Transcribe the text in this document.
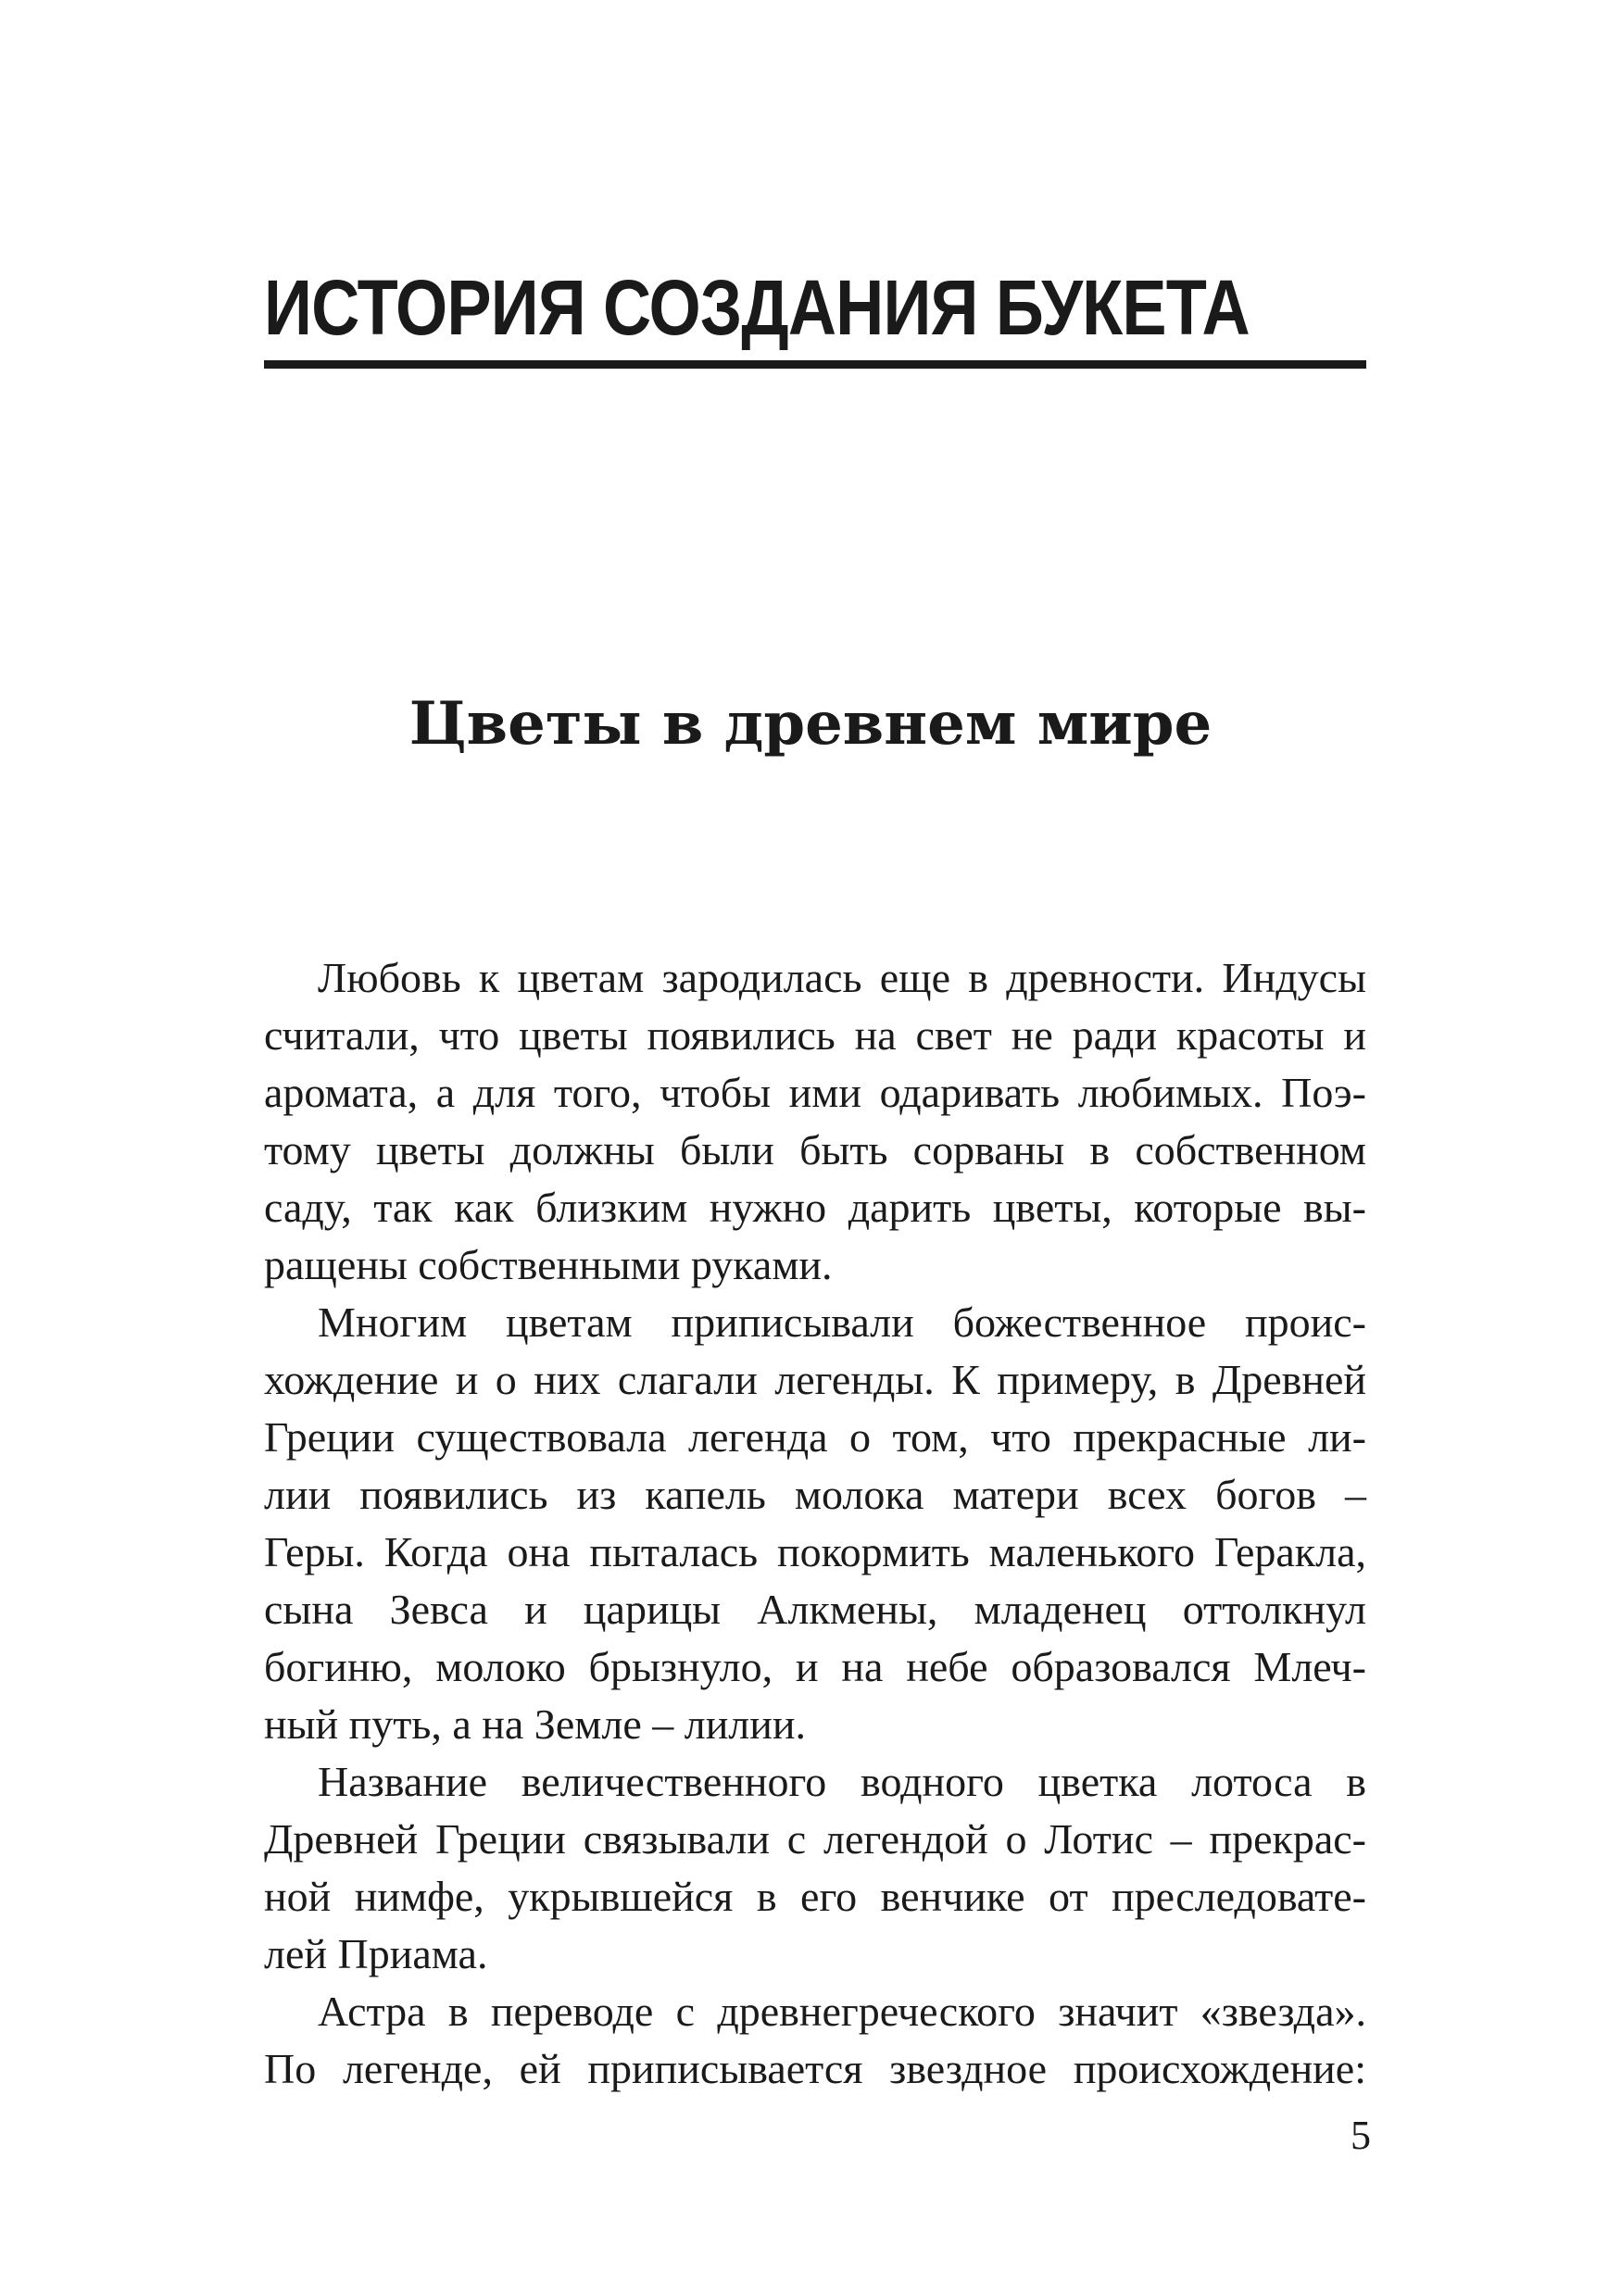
ИСТОРИЯ СОЗДАНИЯ БУКЕТА
Цветы в древнем мире
Любовь к цветам зародилась еще в древности. Индусы
считали, что цветы появились на свет не ради красоты и
аромата, а для того, чтобы ими одаривать любимых. Поэ-
тому цветы должны были быть сорваны в собственном
саду, так как близким нужно дарить цветы, которые вы-
ращены собственными руками.
Многим цветам приписывали божественное проис-
хождение и о них слагали легенды. К примеру, в Древней
Греции существовала легенда о том, что прекрасные ли-
лии появились из капель молока матери всех богов –
Геры. Когда она пыталась покормить маленького Геракла,
сына Зевса и царицы Алкмены, младенец оттолкнул
богиню, молоко брызнуло, и на небе образовался Млеч-
ный путь, а на Земле – лилии.
Название величественного водного цветка лотоса в
Древней Греции связывали с легендой о Лотис – прекрас-
ной нимфе, укрывшейся в его венчике от преследовате-
лей Приама.
Астра в переводе с древнегреческого значит «звезда».
По легенде, ей приписывается звездное происхождение:
5
